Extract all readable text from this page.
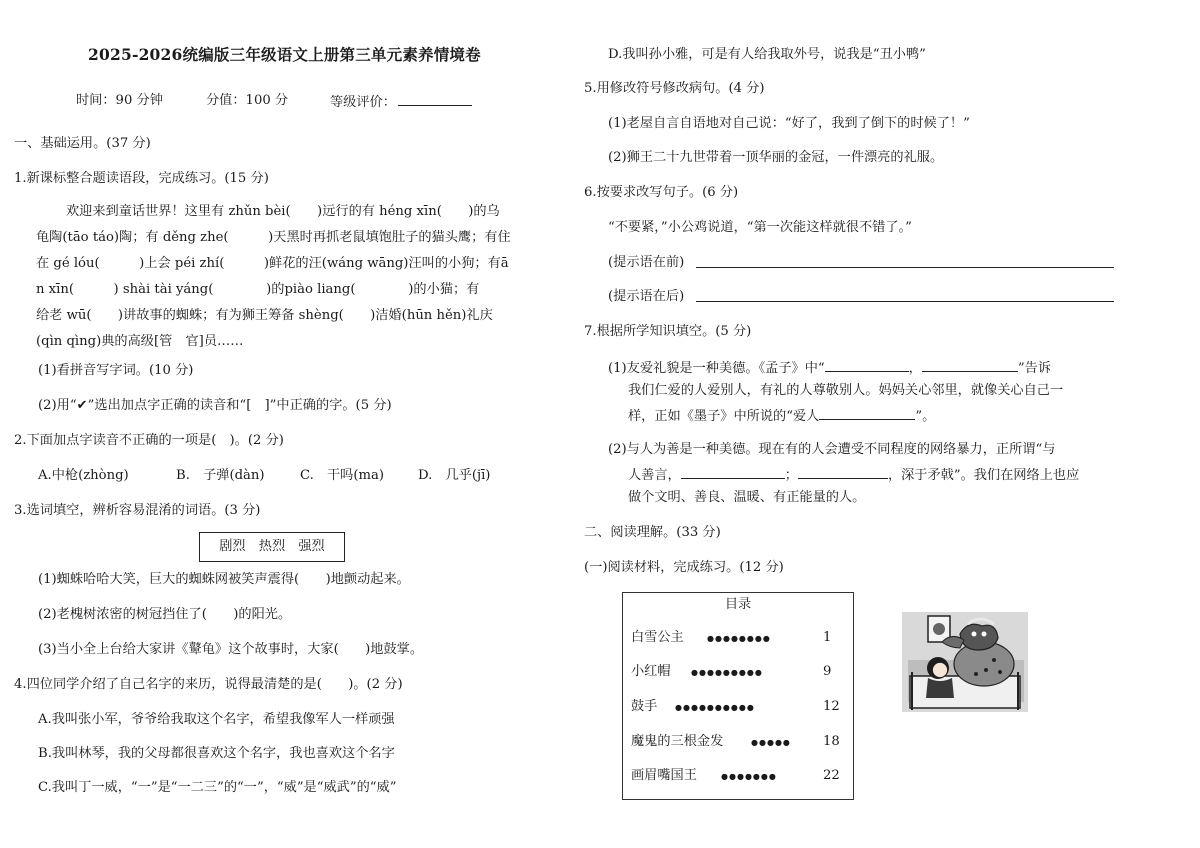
2025-2026统编版三年级语文上册第三单元素养情境卷
时间：90 分钟	分值：100 分	等级评价：
一、基础运用。(37 分)
1.新课标整合题读语段，完成练习。(15 分)
欢迎来到童话世界！这里有 zhǔn bèi(　　)远行的有 héng xīn(　　)的乌
龟陶(tāo táo)陶；有 děng zhe(　　　)天黑时再抓老鼠填饱肚子的猫头鹰；有住
在 gé lóu(　　　)上会 péi zhí(　　　)鲜花的汪(wáng wāng)汪叫的小狗；有ā
n xīn(　　　) shài tài yáng(　　　　)的piào liang(　　　　)的小猫；有
给老 wū(　　)讲故事的蜘蛛；有为狮王筹备 shèng(　　)洁婚(hūn hěn)礼庆
(qìn qìng)典的高级[管　官]员……
(1)看拼音写字词。(10 分)
(2)用“✔”选出加点字正确的读音和“[　]”中正确的字。(5 分)
2.下面加点字读音不正确的一项是(　)。(2 分)
A.中枪(zhòng)	B.　子弹(dàn)	C.　干吗(ma)	D.　几乎(jī)
3.选词填空，辨析容易混淆的词语。(3 分)
剧烈　热烈　强烈
(1)蜘蛛哈哈大笑，巨大的蜘蛛网被笑声震得(　　)地颤动起来。
(2)老槐树浓密的树冠挡住了(　　)的阳光。
(3)当小全上台给大家讲《鼙龟》这个故事时，大家(　　)地鼓掌。
4.四位同学介绍了自己名字的来历，说得最清楚的是(　　)。(2 分)
A.我叫张小军，爷爷给我取这个名字，希望我像军人一样顽强
B.我叫林琴，我的父母都很喜欢这个名字，我也喜欢这个名字
C.我叫丁一威，“一”是“一二三”的“一”，“威”是“威武”的“威”
D.我叫孙小雅，可是有人给我取外号，说我是“丑小鸭”
5.用修改符号修改病句。(4 分)
(1)老屋自言自语地对自己说：“好了，我到了倒下的时候了！”
(2)狮王二十九世带着一顶华丽的金冠，一件漂亮的礼服。
6.按要求改写句子。(6 分)
“不要紧，”小公鸡说道，“第一次能这样就很不错了。”
(提示语在前)
(提示语在后)
7.根据所学知识填空。(5 分)
(1)友爱礼貌是一种美德。《孟子》中“	，	”告诉
我们仁爱的人爱别人，有礼的人尊敬别人。妈妈关心邻里，就像关心自己一
样，正如《墨子》中所说的“爱人	”。
(2)与人为善是一种美德。现在有的人会遭受不同程度的网络暴力，正所谓“与
人善言，	；	，深于矛戟”。我们在网络上也应
做个文明、善良、温暖、有正能量的人。
二、阅读理解。(33 分)
(一)阅读材料，完成练习。(12 分)
目录
白雪公主	●●●●●●●●	1
小红帽	●●●●●●●●●	9
鼓手 ●●●●●●●●●●	12
魔鬼的三根金发	●●●●● 18
画眉嘴国王	●●●●●●●	22
